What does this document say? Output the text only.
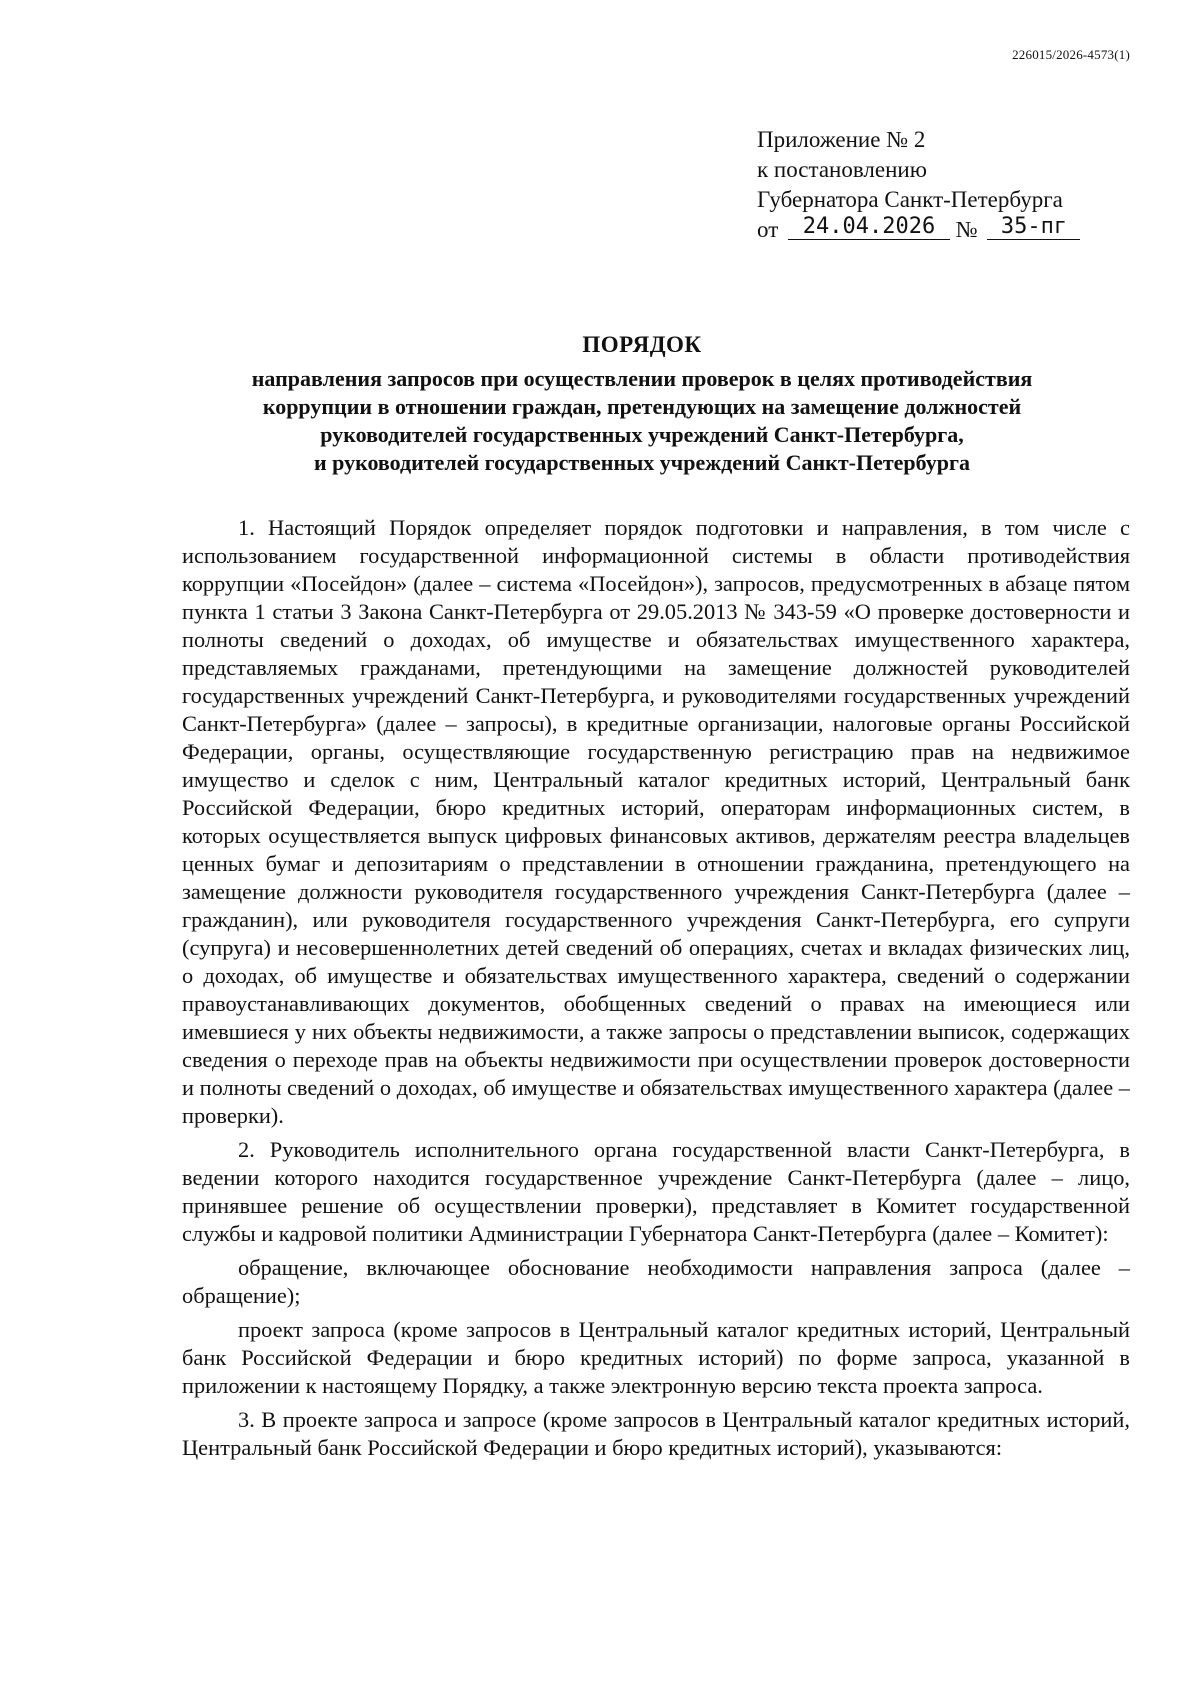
226015/2026-4573(1)
Приложение № 2
к постановлению
Губернатора Санкт-Петербурга
от 24.04.2026 № 35-пг
ПОРЯДОК
направления запросов при осуществлении проверок в целях противодействия
коррупции в отношении граждан, претендующих на замещение должностей
руководителей государственных учреждений Санкт-Петербурга,
и руководителей государственных учреждений Санкт-Петербурга

1. Настоящий Порядок определяет порядок подготовки и направления, в том числе с использованием государственной информационной системы в области противодействия коррупции «Посейдон» (далее – система «Посейдон»), запросов, предусмотренных в абзаце пятом пункта 1 статьи 3 Закона Санкт-Петербурга от 29.05.2013 № 343-59 «О проверке достоверности и полноты сведений о доходах, об имуществе и обязательствах имущественного характера, представляемых гражданами, претендующими на замещение должностей руководителей государственных учреждений Санкт-Петербурга, и руководителями государственных учреждений Санкт-Петербурга» (далее – запросы), в кредитные организации, налоговые органы Российской Федерации, органы, осуществляющие государственную регистрацию прав на недвижимое имущество и сделок с ним, Центральный каталог кредитных историй, Центральный банк Российской Федерации, бюро кредитных историй, операторам информационных систем, в которых осуществляется выпуск цифровых финансовых активов, держателям реестра владельцев ценных бумаг и депозитариям о представлении в отношении гражданина, претендующего на замещение должности руководителя государственного учреждения Санкт-Петербурга (далее – гражданин), или руководителя государственного учреждения Санкт-Петербурга, его супруги (супруга) и несовершеннолетних детей сведений об операциях, счетах и вкладах физических лиц, о доходах, об имуществе и обязательствах имущественного характера, сведений о содержании правоустанавливающих документов, обобщенных сведений о правах на имеющиеся или имевшиеся у них объекты недвижимости, а также запросы о представлении выписок, содержащих сведения о переходе прав на объекты недвижимости при осуществлении проверок достоверности и полноты сведений о доходах, об имуществе и обязательствах имущественного характера (далее – проверки).

2. Руководитель исполнительного органа государственной власти Санкт-Петербурга, в ведении которого находится государственное учреждение Санкт-Петербурга (далее – лицо, принявшее решение об осуществлении проверки), представляет в Комитет государственной службы и кадровой политики Администрации Губернатора Санкт-Петербурга (далее – Комитет):

обращение, включающее обоснование необходимости направления запроса (далее – обращение);

проект запроса (кроме запросов в Центральный каталог кредитных историй, Центральный банк Российской Федерации и бюро кредитных историй) по форме запроса, указанной в приложении к настоящему Порядку, а также электронную версию текста проекта запроса.

3. В проекте запроса и запросе (кроме запросов в Центральный каталог кредитных историй, Центральный банк Российской Федерации и бюро кредитных историй), указываются:
